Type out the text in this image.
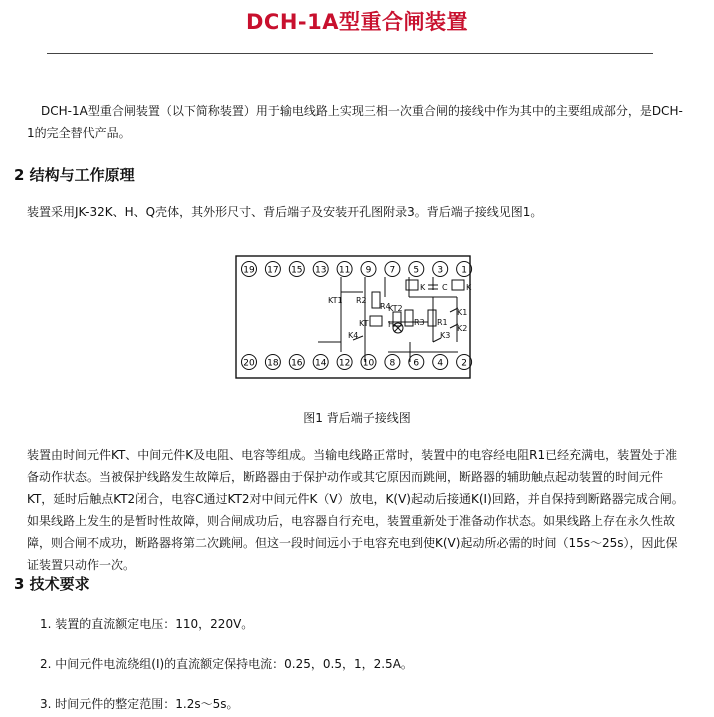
DCH-1A型重合闸装置

DCH-1A型重合闸装置（以下简称装置）用于输电线路上实现三相一次重合闸的接线中作为其中的主要组成部分，是DCH-1的完全替代产品。

2 结构与工作原理

装置采用JK-32K、H、Q壳体，其外形尺寸、背后端子及安装开孔图附录3。背后端子接线见图1。

19 17 15 13 11 9 7 5 3 1
20 18 16 14 12 10 8 6 4 2
KT1 R2
K4
KT
R4
KT2
H R3 R1
K C K
K1
K2
K3
图1 背后端子接线图

装置由时间元件KT、中间元件K及电阻、电容等组成。当输电线路正常时，装置中的电容经电阻R1已经充满电，装置处于准备动作状态。当被保护线路发生故障后，断路器由于保护动作或其它原因而跳闸，断路器的辅助触点起动装置的时间元件KT，延时后触点KT2闭合，电容C通过KT2对中间元件K（V）放电，K(V)起动后接通K(I)回路，并自保持到断路器完成合闸。如果线路上发生的是暂时性故障，则合闸成功后，电容器自行充电，装置重新处于准备动作状态。如果线路上存在永久性故障，则合闸不成功，断路器将第二次跳闸。但这一段时间远小于电容充电到使K(V)起动所必需的时间（15s～25s），因此保证装置只动作一次。

3 技术要求

1. 装置的直流额定电压：110，220V。

2. 中间元件电流绕组(I)的直流额定保持电流：0.25，0.5，1，2.5A。

3. 时间元件的整定范围：1.2s～5s。
